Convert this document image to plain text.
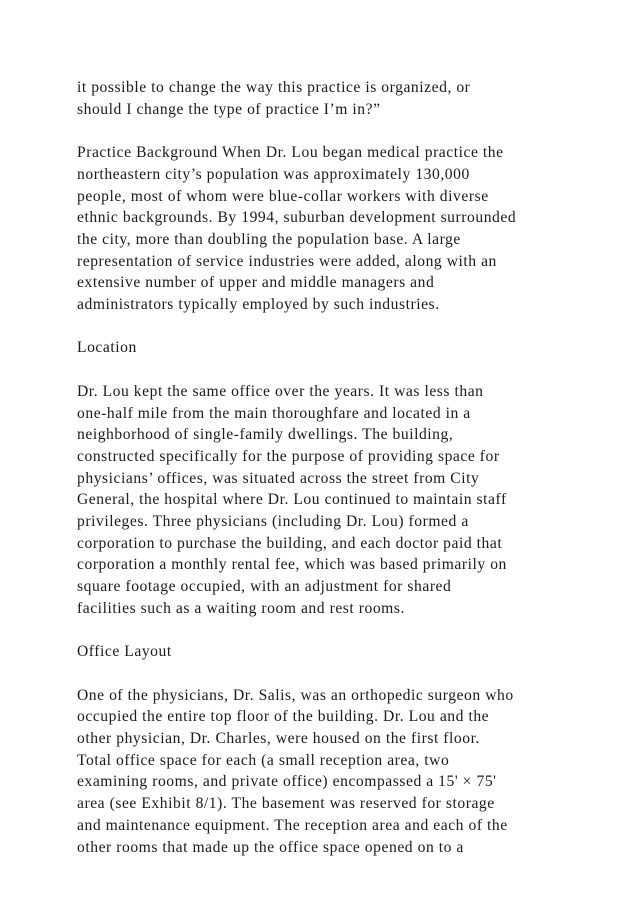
it possible to change the way this practice is organized, or
should I change the type of practice I’m in?”

Practice Background When Dr. Lou began medical practice the
northeastern city’s population was approximately 130,000
people, most of whom were blue-collar workers with diverse
ethnic backgrounds. By 1994, suburban development surrounded
the city, more than doubling the population base. A large
representation of service industries were added, along with an
extensive number of upper and middle managers and
administrators typically employed by such industries.

Location

Dr. Lou kept the same office over the years. It was less than
one-half mile from the main thoroughfare and located in a
neighborhood of single-family dwellings. The building,
constructed specifically for the purpose of providing space for
physicians’ offices, was situated across the street from City
General, the hospital where Dr. Lou continued to maintain staff
privileges. Three physicians (including Dr. Lou) formed a
corporation to purchase the building, and each doctor paid that
corporation a monthly rental fee, which was based primarily on
square footage occupied, with an adjustment for shared
facilities such as a waiting room and rest rooms.

Office Layout

One of the physicians, Dr. Salis, was an orthopedic surgeon who
occupied the entire top floor of the building. Dr. Lou and the
other physician, Dr. Charles, were housed on the first floor.
Total office space for each (a small reception area, two
examining rooms, and private office) encompassed a 15' × 75'
area (see Exhibit 8/1). The basement was reserved for storage
and maintenance equipment. The reception area and each of the
other rooms that made up the office space opened on to a
